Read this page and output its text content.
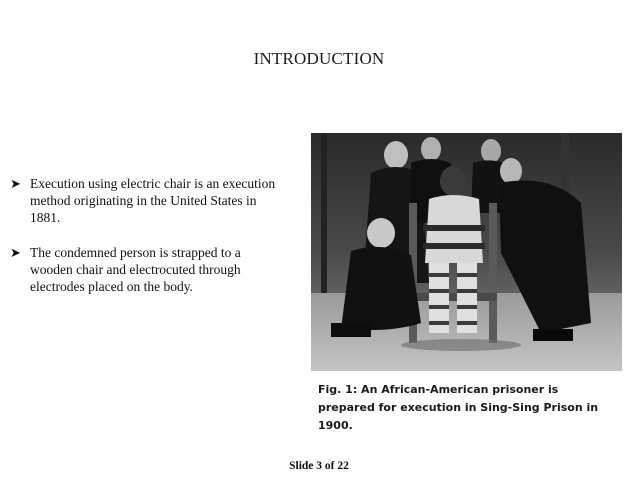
INTRODUCTION
➤ Execution using electric chair is an execution method originating in the United States in 1881.
➤ The condemned person is strapped to a wooden chair and electrocuted through electrodes placed on the body.
Fig. 1: An African-American prisoner is prepared for execution in Sing-Sing Prison in 1900.
Slide 3 of 22
